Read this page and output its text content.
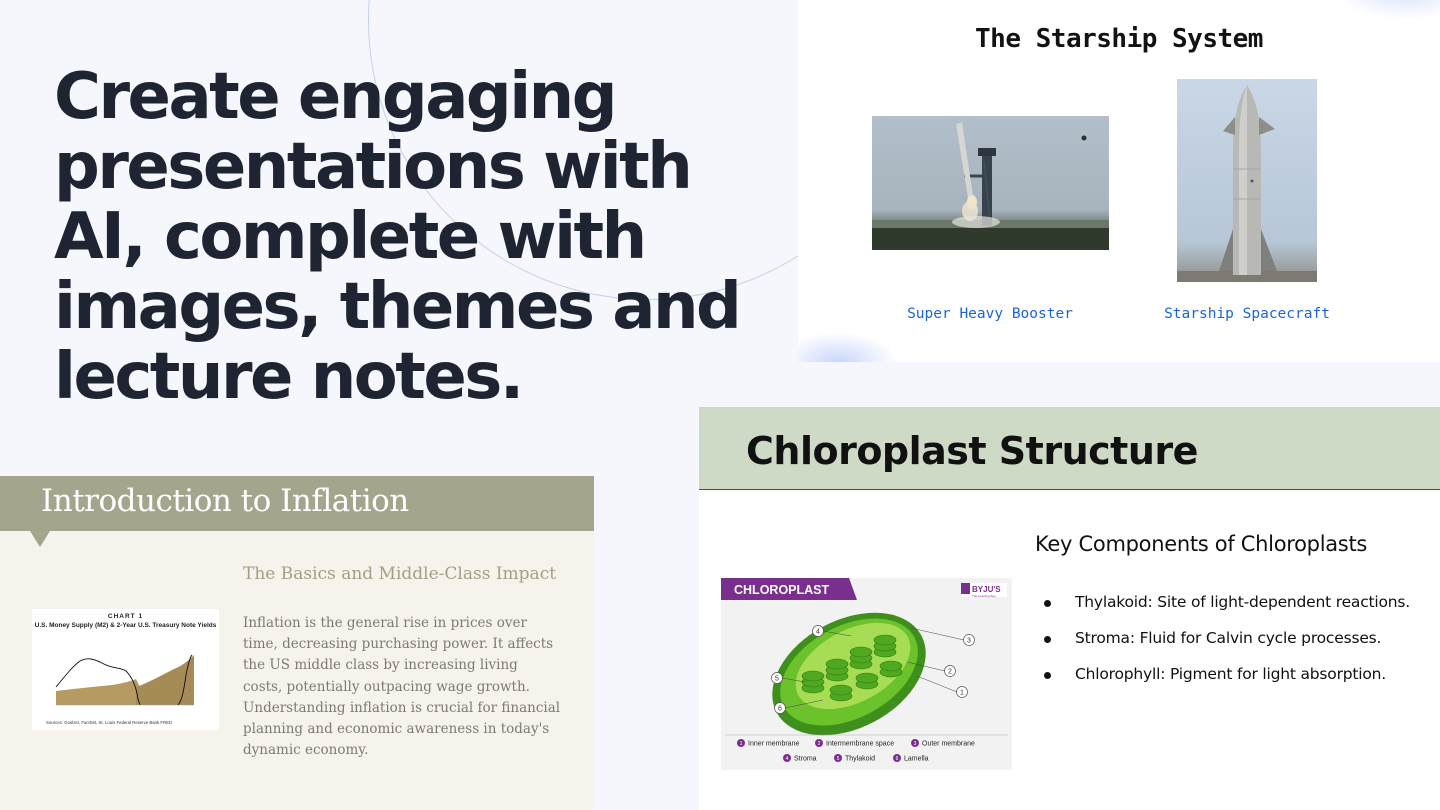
Create engaging presentations with AI, complete with images, themes and lecture notes.
The Starship System
Super Heavy Booster	Starship Spacecraft
Introduction to Inflation
The Basics and Middle-Class Impact

Inflation is the general rise in prices over time, decreasing purchasing power. It affects the US middle class by increasing living costs, potentially outpacing wage growth. Understanding inflation is crucial for financial planning and economic awareness in today's dynamic economy.

CHART 1
U.S. Money Supply (M2) & 2-Year U.S. Treasury Note Yields
Sources: Goelzer, FactSet, St. Louis Federal Reserve Bank FRED
Chloroplast Structure
Key Components of Chloroplasts
Thylakoid: Site of light-dependent reactions.
Stroma: Fluid for Calvin cycle processes.
Chlorophyll: Pigment for light absorption.
CHLOROPLAST	BYJU'S
The Learning App
4
3
2
1
5
6
Inner membrane	Intermembrane space	Outer membrane
Stroma	Thylakoid	Lamella
1	2	3
4	5	6
